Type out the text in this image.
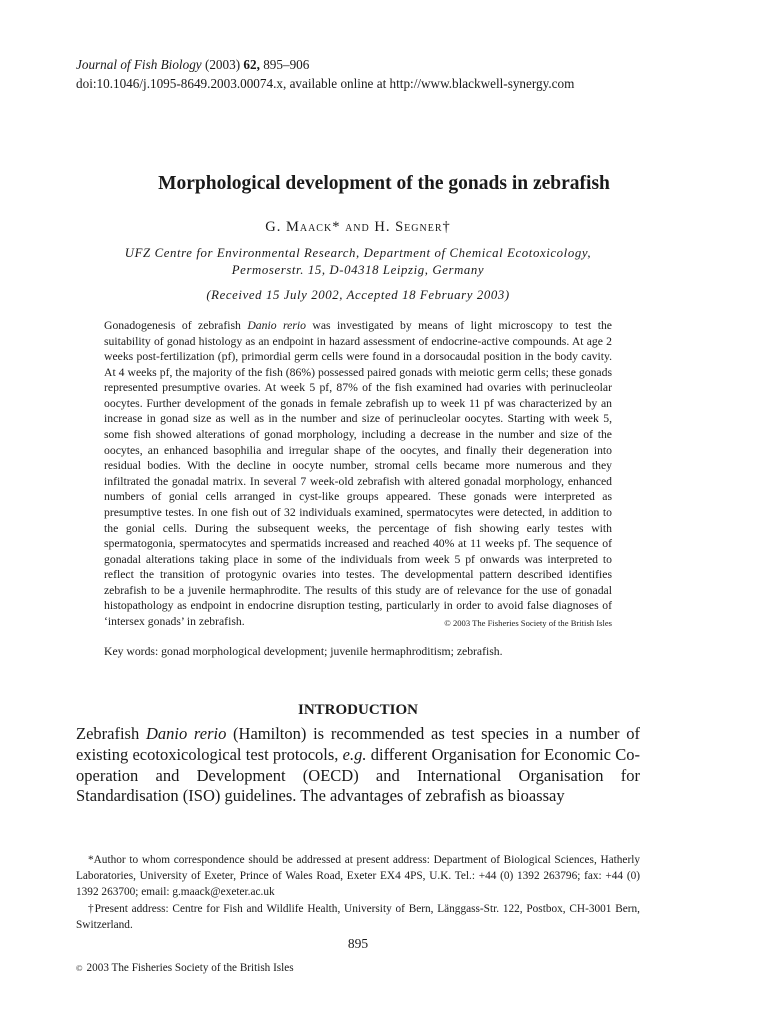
Journal of Fish Biology (2003) 62, 895–906
doi:10.1046/j.1095-8649.2003.00074.x, available online at http://www.blackwell-synergy.com
Morphological development of the gonads in zebrafish
G. Maack* and H. Segner†
UFZ Centre for Environmental Research, Department of Chemical Ecotoxicology,
Permoserstr. 15, D-04318 Leipzig, Germany
(Received 15 July 2002, Accepted 18 February 2003)
Gonadogenesis of zebrafish Danio rerio was investigated by means of light microscopy to test the suitability of gonad histology as an endpoint in hazard assessment of endocrine-active compounds. At age 2 weeks post-fertilization (pf), primordial germ cells were found in a dorsocaudal position in the body cavity. At 4 weeks pf, the majority of the fish (86%) possessed paired gonads with meiotic germ cells; these gonads represented presumptive ovaries. At week 5 pf, 87% of the fish examined had ovaries with perinucleolar oocytes. Further development of the gonads in female zebrafish up to week 11 pf was characterized by an increase in gonad size as well as in the number and size of perinucleolar oocytes. Starting with week 5, some fish showed alterations of gonad morphology, including a decrease in the number and size of the oocytes, an enhanced basophilia and irregular shape of the oocytes, and finally their degeneration into residual bodies. With the decline in oocyte number, stromal cells became more numerous and they infiltrated the gonadal matrix. In several 7 week-old zebrafish with altered gonadal morphology, enhanced numbers of gonial cells arranged in cyst-like groups appeared. These gonads were interpreted as presumptive testes. In one fish out of 32 individuals examined, spermatocytes were detected, in addition to the gonial cells. During the subsequent weeks, the percentage of fish showing early testes with spermatogonia, spermatocytes and spermatids increased and reached 40% at 11 weeks pf. The sequence of gonadal alterations taking place in some of the individuals from week 5 pf onwards was interpreted to reflect the transition of protogynic ovaries into testes. The developmental pattern described identifies zebrafish to be a juvenile hermaphrodite. The results of this study are of relevance for the use of gonadal histopathology as endpoint in endocrine disruption testing, particularly in order to avoid false diagnoses of ‘intersex gonads’ in zebrafish.	© 2003 The Fisheries Society of the British Isles
Key words: gonad morphological development; juvenile hermaphroditism; zebrafish.
INTRODUCTION
Zebrafish Danio rerio (Hamilton) is recommended as test species in a number of existing ecotoxicological test protocols, e.g. different Organisation for Economic Co-operation and Development (OECD) and International Organisation for Standardisation (ISO) guidelines. The advantages of zebrafish as bioassay

*Author to whom correspondence should be addressed at present address: Department of Biological Sciences, Hatherly Laboratories, University of Exeter, Prince of Wales Road, Exeter EX4 4PS, U.K. Tel.: +44 (0) 1392 263796; fax: +44 (0) 1392 263700; email: g.maack@exeter.ac.uk

†Present address: Centre for Fish and Wildlife Health, University of Bern, Länggass-Str. 122, Postbox, CH-3001 Bern, Switzerland.

895
© 2003 The Fisheries Society of the British Isles
